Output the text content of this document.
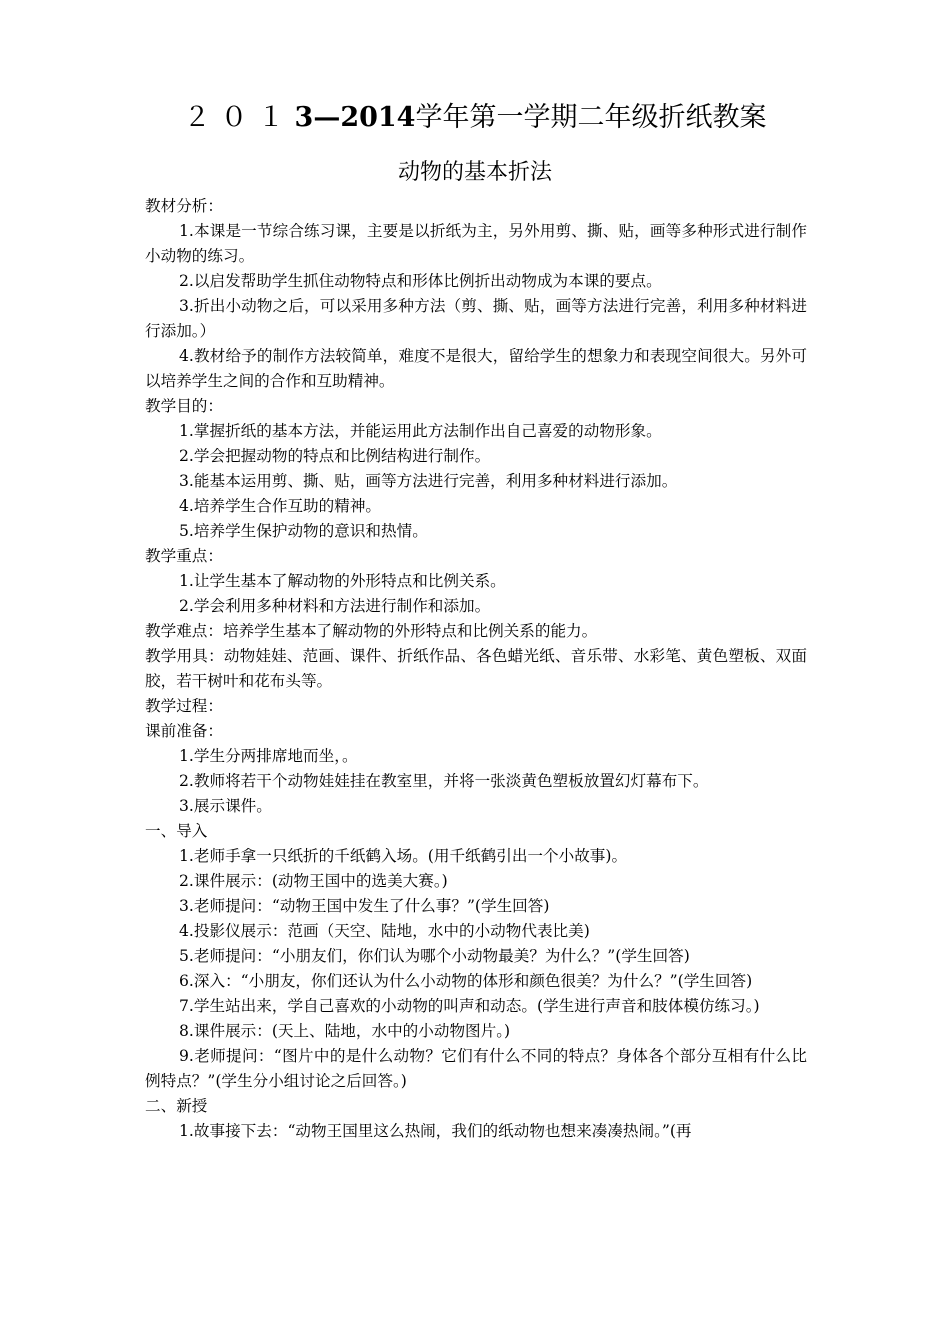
２０１3—2014学年第一学期二年级折纸教案
动物的基本折法

教材分析：

1.本课是一节综合练习课，主要是以折纸为主，另外用剪、撕、贴，画等多种形式进行制作小动物的练习。

2.以启发帮助学生抓住动物特点和形体比例折出动物成为本课的要点。

3.折出小动物之后，可以采用多种方法（剪、撕、贴，画等方法进行完善，利用多种材料进行添加。）

4.教材给予的制作方法较简单，难度不是很大，留给学生的想象力和表现空间很大。另外可以培养学生之间的合作和互助精神。

教学目的：

1.掌握折纸的基本方法，并能运用此方法制作出自己喜爱的动物形象。

2.学会把握动物的特点和比例结构进行制作。

3.能基本运用剪、撕、贴，画等方法进行完善，利用多种材料进行添加。

4.培养学生合作互助的精神。

5.培养学生保护动物的意识和热情。

教学重点：

1.让学生基本了解动物的外形特点和比例关系。

2.学会利用多种材料和方法进行制作和添加。

教学难点：培养学生基本了解动物的外形特点和比例关系的能力。

教学用具：动物娃娃、范画、课件、折纸作品、各色蜡光纸、音乐带、水彩笔、黄色塑板、双面胶，若干树叶和花布头等。

教学过程：

课前准备：

1.学生分两排席地而坐，。

2.教师将若干个动物娃娃挂在教室里，并将一张淡黄色塑板放置幻灯幕布下。

3.展示课件。

一、导入

1.老师手拿一只纸折的千纸鹤入场。(用千纸鹤引出一个小故事)。

2.课件展示：(动物王国中的选美大赛。)

3.老师提问：“动物王国中发生了什么事？”(学生回答)

4.投影仪展示：范画（天空、陆地，水中的小动物代表比美)

5.老师提问：“小朋友们，你们认为哪个小动物最美？为什么？”(学生回答)

6.深入：“小朋友，你们还认为什么小动物的体形和颜色很美？为什么？”(学生回答)

7.学生站出来，学自己喜欢的小动物的叫声和动态。(学生进行声音和肢体模仿练习。)

8.课件展示：(天上、陆地，水中的小动物图片。)

9.老师提问：“图片中的是什么动物？它们有什么不同的特点？身体各个部分互相有什么比例特点？”(学生分小组讨论之后回答。)

二、新授

1.故事接下去：“动物王国里这么热闹，我们的纸动物也想来凑凑热闹。”(再
